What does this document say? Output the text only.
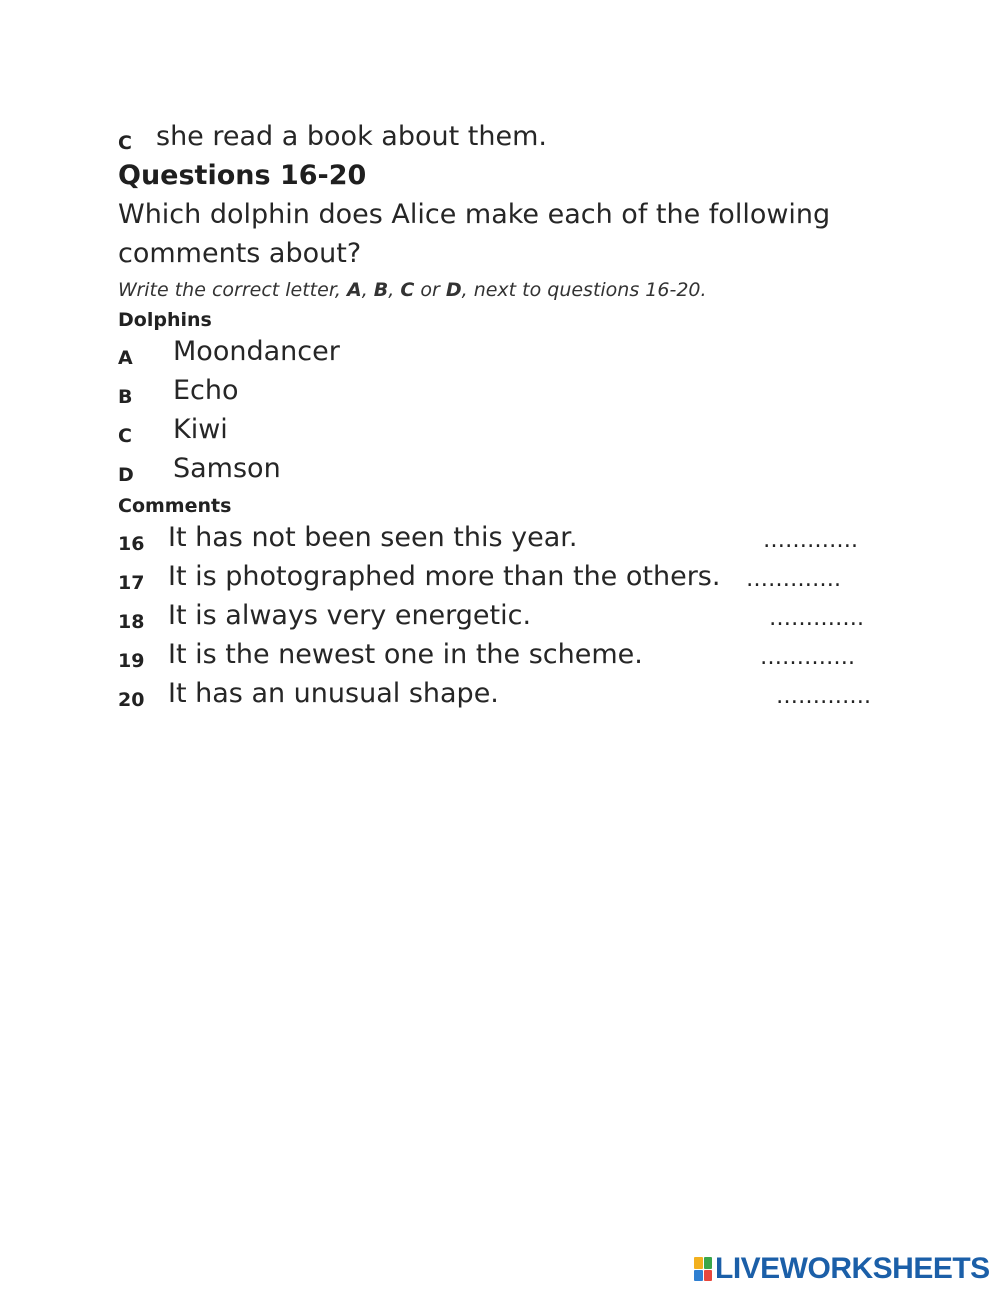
C she read a book about them.
Questions 16-20
Which dolphin does Alice make each of the following
comments about?
Write the correct letter, A, B, C or D, next to questions 16-20.
Dolphins
A Moondancer
B Echo
C Kiwi
D Samson
Comments
16 It has not been seen this year.	………….
17 It is photographed more than the others. ………….
18 It is always very energetic.	………….
19 It is the newest one in the scheme.	………….
20 It has an unusual shape.	………….
LIVEWORKSHEETS
